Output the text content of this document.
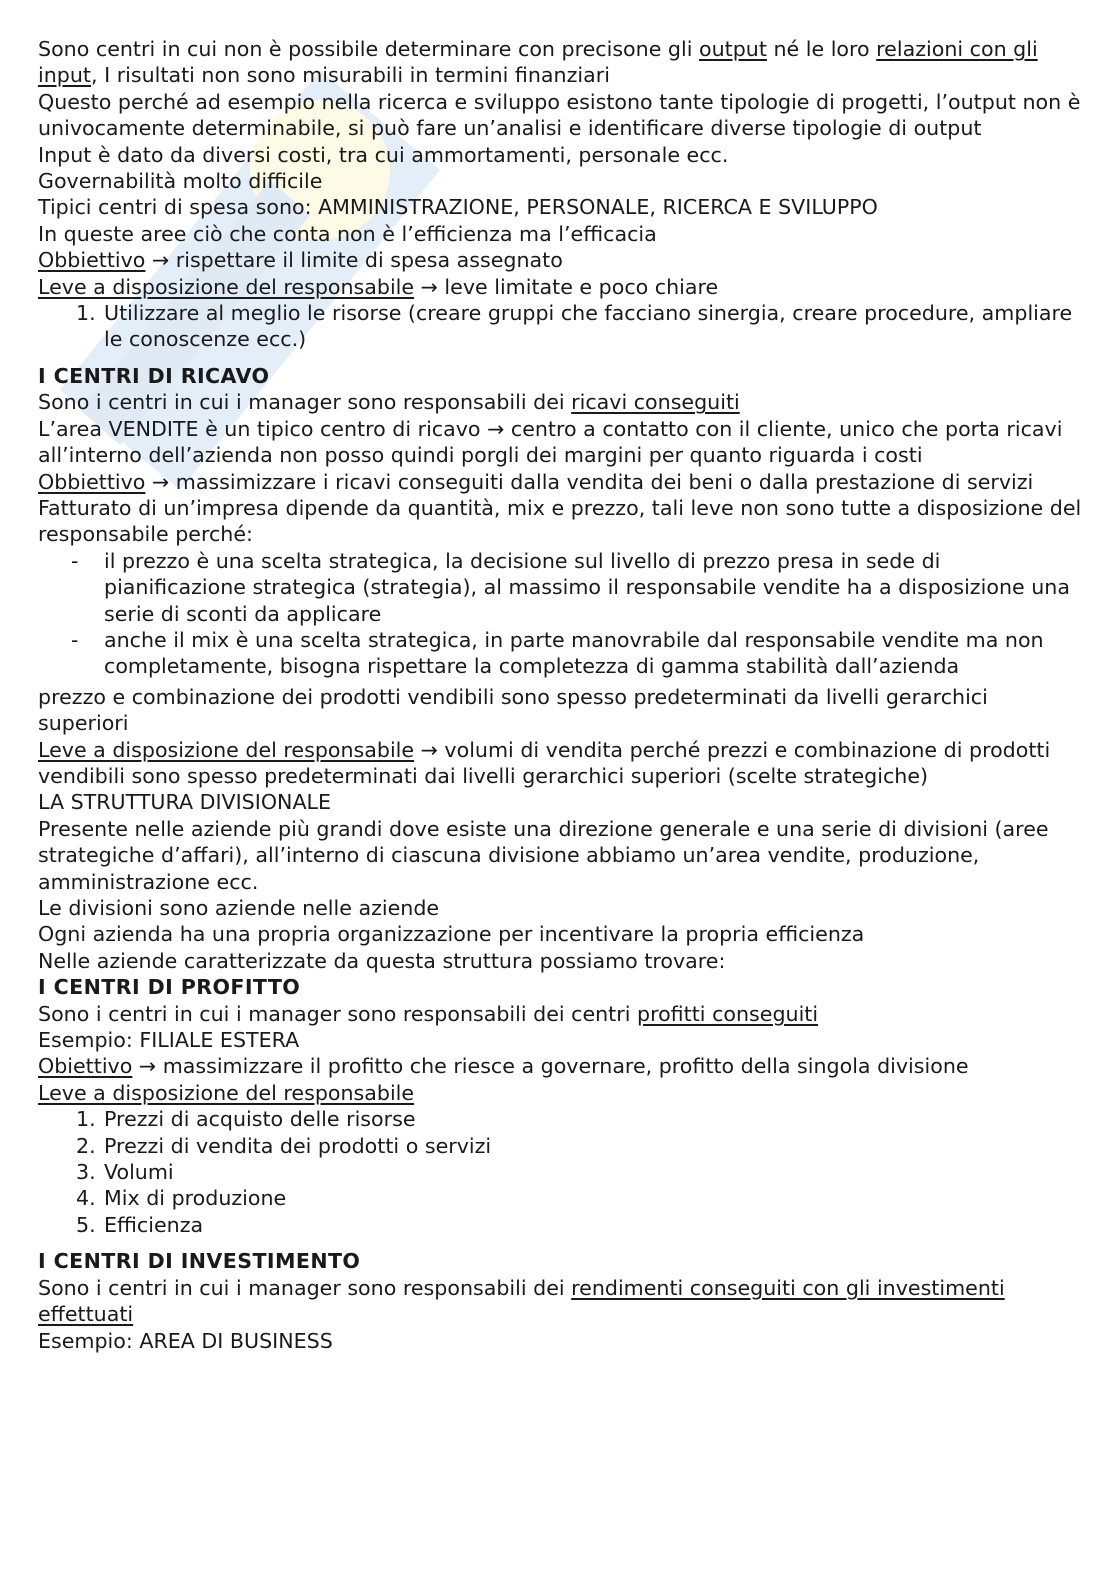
Sono centri in cui non è possibile determinare con precisone gli output né le loro relazioni con gli input, I risultati non sono misurabili in termini finanziari

Questo perché ad esempio nella ricerca e sviluppo esistono tante tipologie di progetti, l’output non è univocamente determinabile, si può fare un’analisi e identificare diverse tipologie di output

Input è dato da diversi costi, tra cui ammortamenti, personale ecc.

Governabilità molto difficile

Tipici centri di spesa sono: AMMINISTRAZIONE, PERSONALE, RICERCA E SVILUPPO

In queste aree ciò che conta non è l’efficienza ma l’efficacia

Obbiettivo → rispettare il limite di spesa assegnato

Leve a disposizione del responsabile → leve limitate e poco chiare

1. Utilizzare al meglio le risorse (creare gruppi che facciano sinergia, creare procedure, ampliare le conoscenze ecc.)
I CENTRI DI RICAVO

Sono i centri in cui i manager sono responsabili dei ricavi conseguiti

L’area VENDITE è un tipico centro di ricavo → centro a contatto con il cliente, unico che porta ricavi all’interno dell’azienda non posso quindi porgli dei margini per quanto riguarda i costi

Obbiettivo → massimizzare i ricavi conseguiti dalla vendita dei beni o dalla prestazione di servizi

Fatturato di un’impresa dipende da quantità, mix e prezzo, tali leve non sono tutte a disposizione del responsabile perché:

- il prezzo è una scelta strategica, la decisione sul livello di prezzo presa in sede di pianificazione strategica (strategia), al massimo il responsabile vendite ha a disposizione una serie di sconti da applicare
- anche il mix è una scelta strategica, in parte manovrabile dal responsabile vendite ma non completamente, bisogna rispettare la completezza di gamma stabilità dall’azienda

prezzo e combinazione dei prodotti vendibili sono spesso predeterminati da livelli gerarchici superiori

Leve a disposizione del responsabile → volumi di vendita perché prezzi e combinazione di prodotti vendibili sono spesso predeterminati dai livelli gerarchici superiori (scelte strategiche)

LA STRUTTURA DIVISIONALE

Presente nelle aziende più grandi dove esiste una direzione generale e una serie di divisioni (aree strategiche d’affari), all’interno di ciascuna divisione abbiamo un’area vendite, produzione, amministrazione ecc.

Le divisioni sono aziende nelle aziende

Ogni azienda ha una propria organizzazione per incentivare la propria efficienza

Nelle aziende caratterizzate da questa struttura possiamo trovare:

I CENTRI DI PROFITTO

Sono i centri in cui i manager sono responsabili dei centri profitti conseguiti

Esempio: FILIALE ESTERA

Obiettivo → massimizzare il profitto che riesce a governare, profitto della singola divisione

Leve a disposizione del responsabile

1. Prezzi di acquisto delle risorse
2. Prezzi di vendita dei prodotti o servizi
3. Volumi
4. Mix di produzione
5. Efficienza
I CENTRI DI INVESTIMENTO

Sono i centri in cui i manager sono responsabili dei rendimenti conseguiti con gli investimenti effettuati

Esempio: AREA DI BUSINESS
